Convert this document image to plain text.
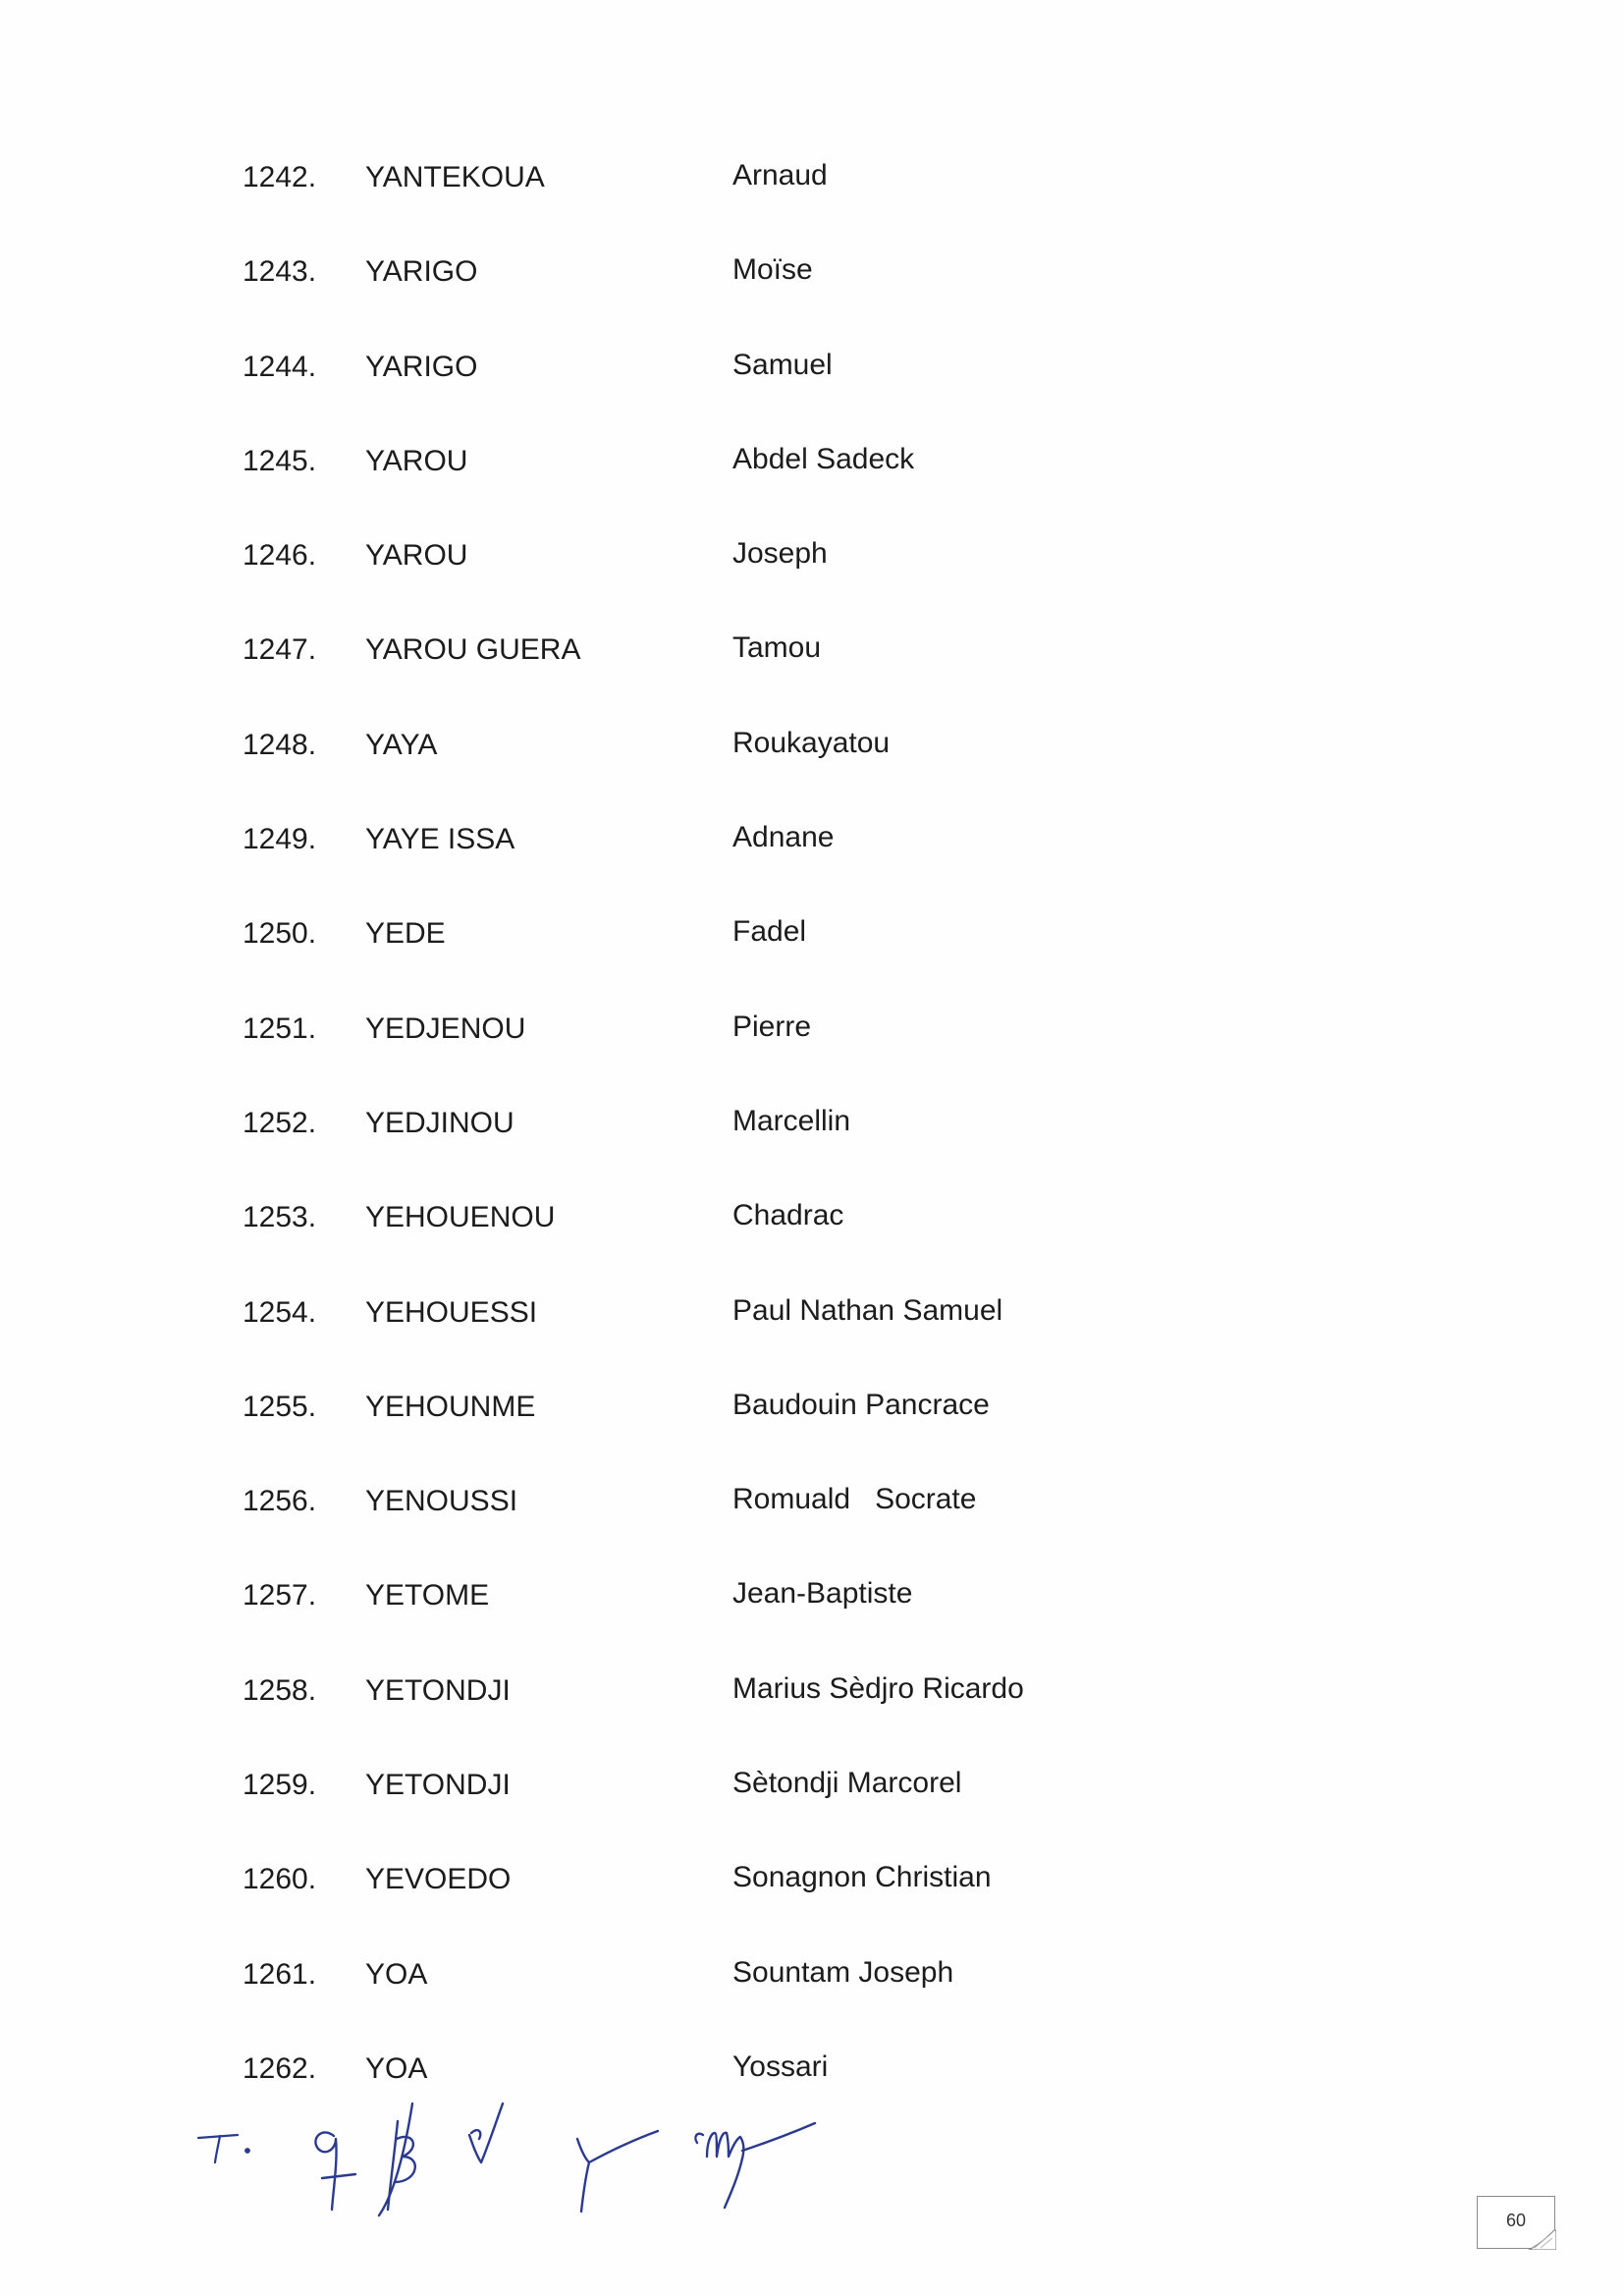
1242. YANTEKOUA	Arnaud
1243. YARIGO	Moïse
1244. YARIGO	Samuel
1245. YAROU	Abdel Sadeck
1246. YAROU	Joseph
1247. YAROU GUERA	Tamou
1248. YAYA	Roukayatou
1249. YAYE ISSA	Adnane
1250. YEDE	Fadel
1251. YEDJENOU	Pierre
1252. YEDJINOU	Marcellin
1253. YEHOUENOU	Chadrac
1254. YEHOUESSI	Paul Nathan Samuel
1255. YEHOUNME	Baudouin Pancrace
1256. YENOUSSI	Romuald   Socrate
1257. YETOME	Jean-Baptiste
1258. YETONDJI	Marius Sèdjro Ricardo
1259. YETONDJI	Sètondji Marcorel
1260. YEVOEDO	Sonagnon Christian
1261. YOA	Sountam Joseph
1262. YOA	Yossari
60
